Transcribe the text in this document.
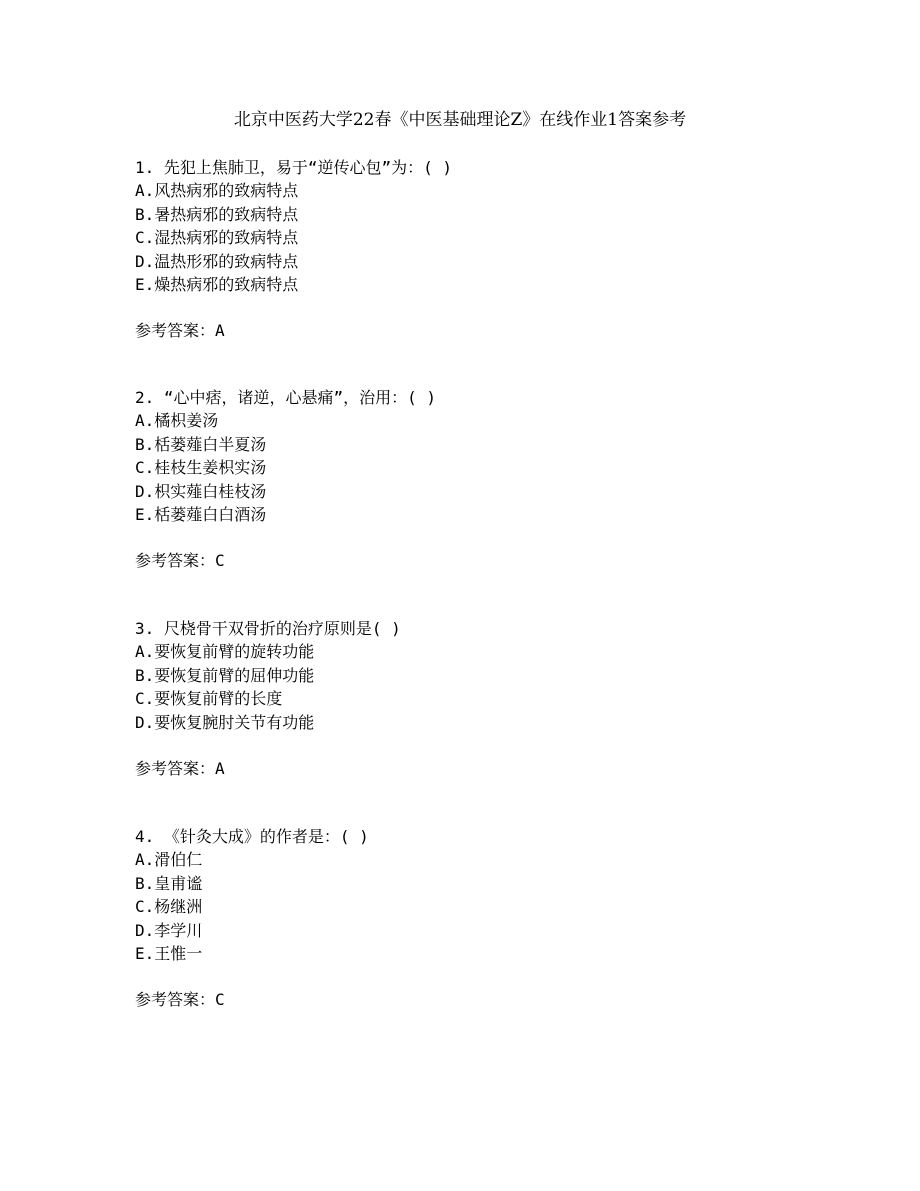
北京中医药大学22春《中医基础理论Z》在线作业1答案参考
1. 先犯上焦肺卫，易于“逆传心包”为：( )
A.风热病邪的致病特点
B.暑热病邪的致病特点
C.湿热病邪的致病特点
D.温热形邪的致病特点
E.燥热病邪的致病特点
参考答案：A
2. “心中痞，诸逆，心悬痛”，治用：( )
A.橘枳姜汤
B.栝蒌薤白半夏汤
C.桂枝生姜枳实汤
D.枳实薤白桂枝汤
E.栝蒌薤白白酒汤
参考答案：C
3. 尺桡骨干双骨折的治疗原则是( )
A.要恢复前臂的旋转功能
B.要恢复前臂的屈伸功能
C.要恢复前臂的长度
D.要恢复腕肘关节有功能
参考答案：A
4. 《针灸大成》的作者是：( )
A.滑伯仁
B.皇甫谧
C.杨继洲
D.李学川
E.王惟一
参考答案：C
